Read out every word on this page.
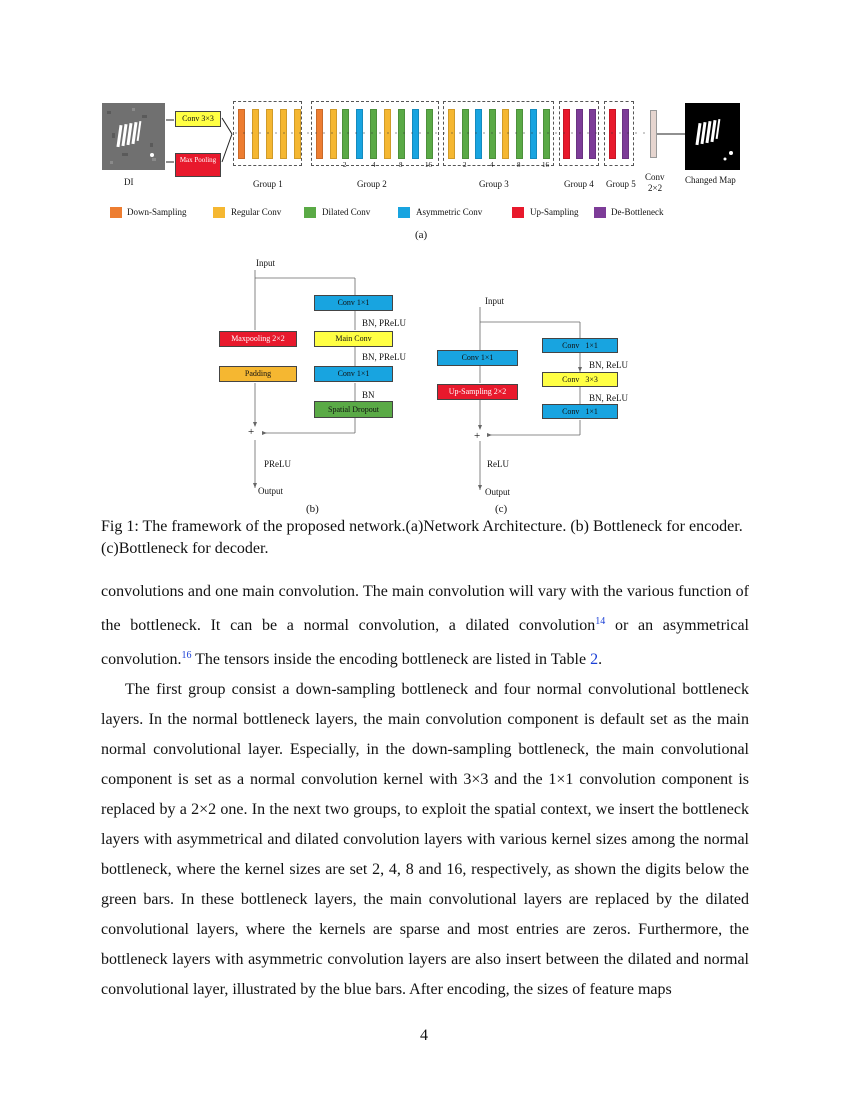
DI
Conv 3×3
Max Pooling
2	4	8	16	2	4	8	16
Group 1	Group 2	Group 3	Group 4 Group 5
Conv
2×2
Changed Map
Down-Sampling	Regular Conv	Dilated Conv	Asymmetric Conv	Up-Sampling	De-Bottleneck
(a)
Input
Conv 1×1
BN, PReLU
Maxpooling 2×2	Main Conv
BN, PReLU
Padding	Conv 1×1
BN
Spatial Dropout
+
PReLU
Output
(b)
Input
Conv 1×1
Conv 1×1
BN, ReLU
Conv 3×3
Up-Sampling 2×2
BN, ReLU
Conv 1×1
+
ReLU
Output
(c)
Fig 1: The framework of the proposed network.(a)Network Architecture. (b) Bottleneck for encoder. (c)Bottleneck for decoder.

convolutions and one main convolution. The main convolution will vary with the various function of the bottleneck. It can be a normal convolution, a dilated convolution$^{14}$ or an asymmetrical convolution.$^{16}$ The tensors inside the encoding bottleneck are listed in Table 2.

The first group consist a down-sampling bottleneck and four normal convolutional bottleneck layers. In the normal bottleneck layers, the main convolution component is default set as the main normal convolutional layer. Especially, in the down-sampling bottleneck, the main convolutional component is set as a normal convolution kernel with 3×3 and the 1×1 convolution component is replaced by a 2×2 one. In the next two groups, to exploit the spatial context, we insert the bottleneck layers with asymmetrical and dilated convolution layers with various kernel sizes among the normal bottleneck, where the kernel sizes are set 2, 4, 8 and 16, respectively, as shown the digits below the green bars. In these bottleneck layers, the main convolutional layers are replaced by the dilated convolutional layers, where the kernels are sparse and most entries are zeros. Furthermore, the bottleneck layers with asymmetric convolution layers are also insert between the dilated and normal convolutional layer, illustrated by the blue bars. After encoding, the sizes of feature maps

4
